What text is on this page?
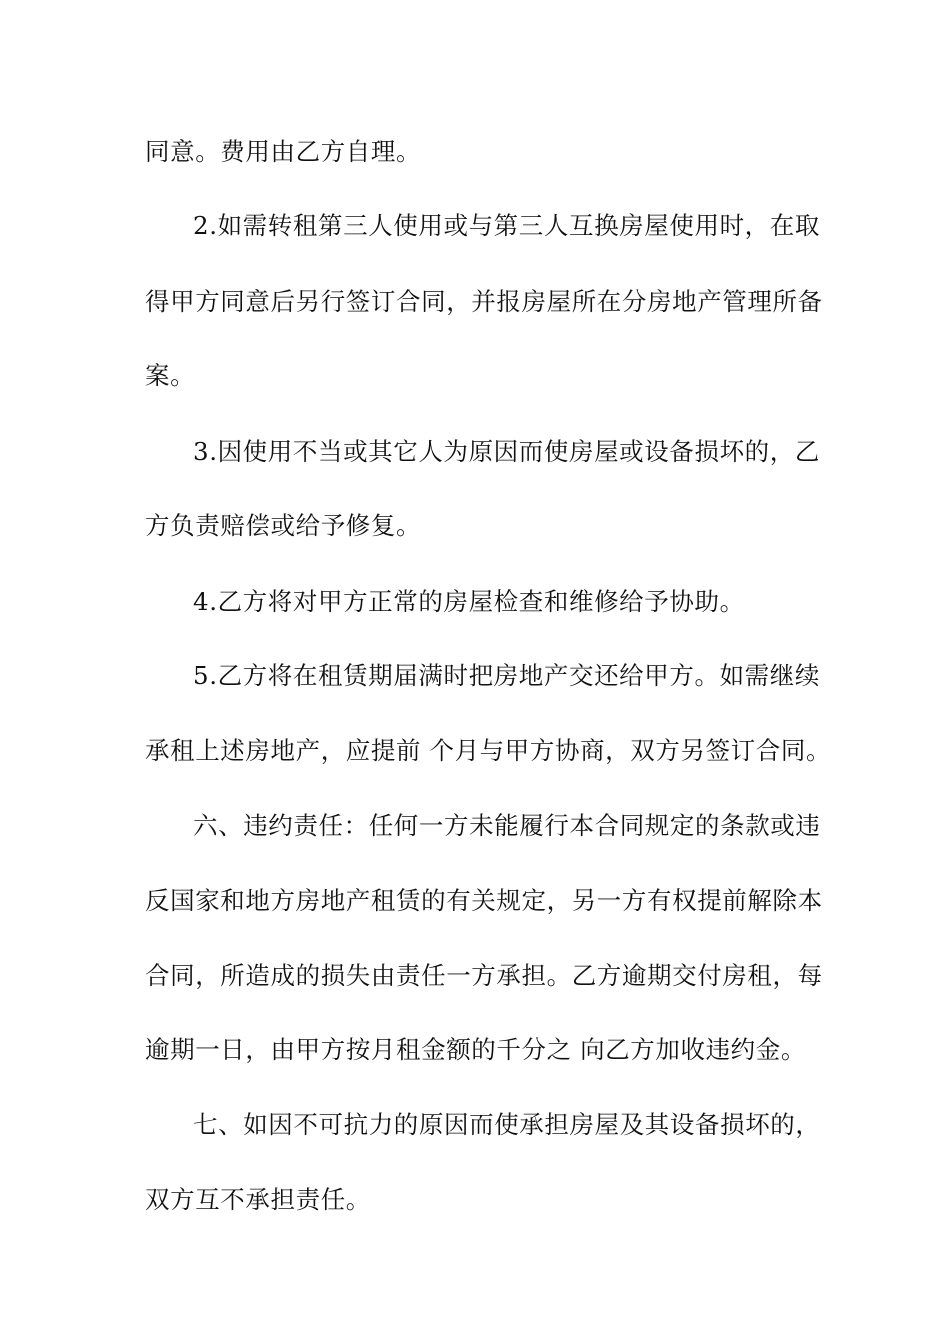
同意。费用由乙方自理。
2.如需转租第三人使用或与第三人互换房屋使用时，在取
得甲方同意后另行签订合同，并报房屋所在分房地产管理所备
案。
3.因使用不当或其它人为原因而使房屋或设备损坏的，乙
方负责赔偿或给予修复。
4.乙方将对甲方正常的房屋检查和维修给予协助。
5.乙方将在租赁期届满时把房地产交还给甲方。如需继续
承租上述房地产，应提前 个月与甲方协商，双方另签订合同。
六、违约责任：任何一方未能履行本合同规定的条款或违
反国家和地方房地产租赁的有关规定，另一方有权提前解除本
合同，所造成的损失由责任一方承担。乙方逾期交付房租，每
逾期一日，由甲方按月租金额的千分之 向乙方加收违约金。
七、如因不可抗力的原因而使承担房屋及其设备损坏的，
双方互不承担责任。
